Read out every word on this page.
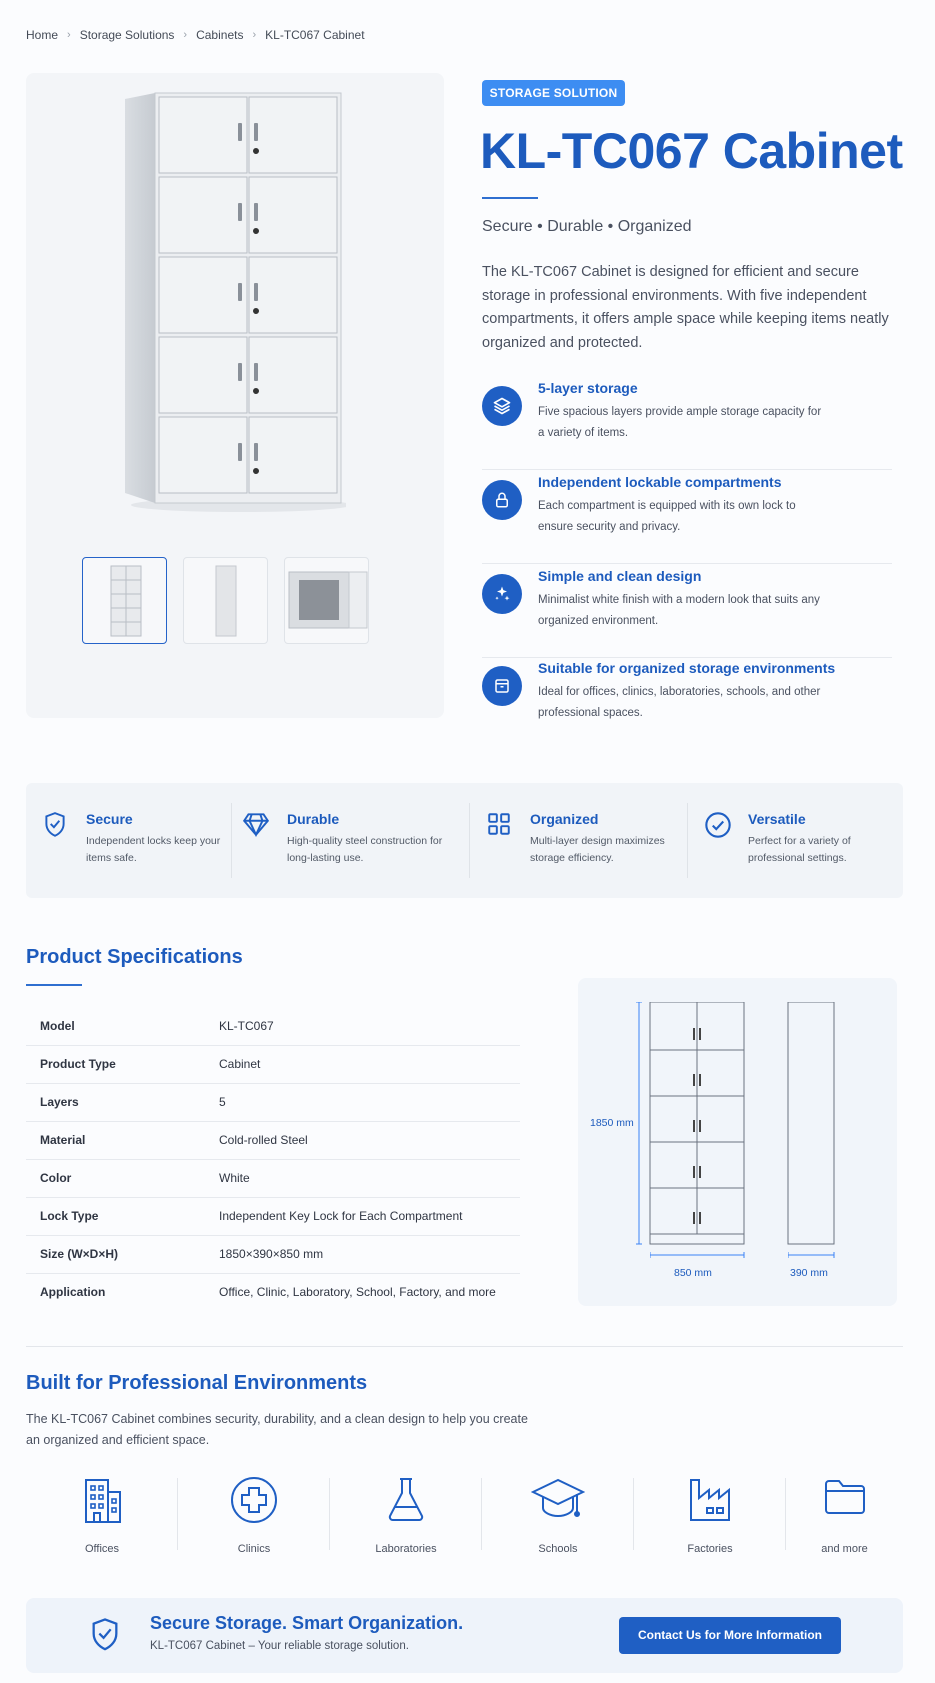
Home › Storage Solutions › Cabinets › KL-TC067 Cabinet
STORAGE SOLUTION
KL-TC067 Cabinet
Secure • Durable • Organized

The KL-TC067 Cabinet is designed for efficient and secure storage in professional environments. With five independent compartments, it offers ample space while keeping items neatly organized and protected.

5-layer storage
Five spacious layers provide ample storage capacity for a variety of items.
Independent lockable compartments
Each compartment is equipped with its own lock to ensure security and privacy.
Simple and clean design
Minimalist white finish with a modern look that suits any organized environment.
Suitable for organized storage environments
Ideal for offices, clinics, laboratories, schools, and other professional spaces.
Secure
Independent locks keep your items safe.
Durable
High-quality steel construction for long-lasting use.
Organized
Multi-layer design maximizes storage efficiency.
Versatile
Perfect for a variety of professional settings.
Product Specifications
Model	KL-TC067
Product Type	Cabinet
Layers	5
Material	Cold-rolled Steel
Color	White
Lock Type	Independent Key Lock for Each Compartment
Size (W×D×H)	1850×390×850 mm
Application	Office, Clinic, Laboratory, School, Factory, and more
1850 mm
850 mm	390 mm
Built for Professional Environments

The KL-TC067 Cabinet combines security, durability, and a clean design to help you create an organized and efficient space.

Offices	Clinics	Laboratories	Schools	Factories	and more
Secure Storage. Smart Organization.
KL-TC067 Cabinet – Your reliable storage solution.
Contact Us for More Information
